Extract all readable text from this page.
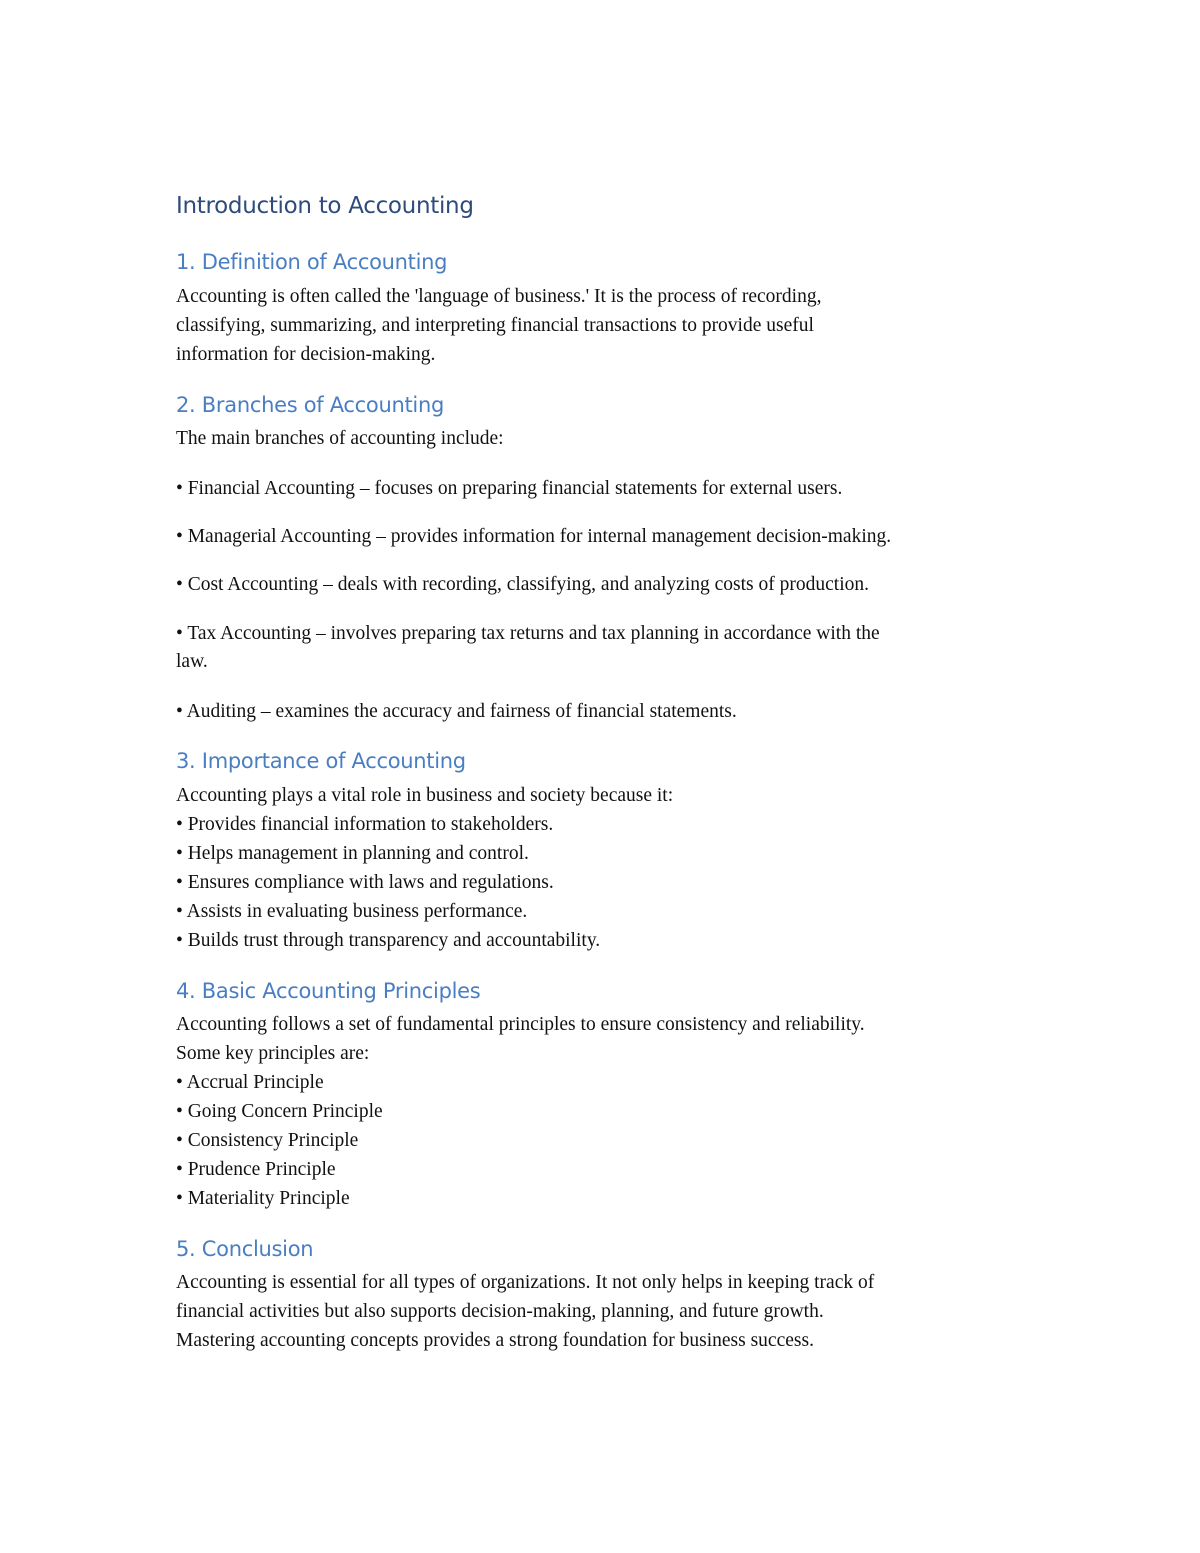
Introduction to Accounting
1. Definition of Accounting

Accounting is often called the 'language of business.' It is the process of recording,

classifying, summarizing, and interpreting financial transactions to provide useful

information for decision-making.

2. Branches of Accounting

The main branches of accounting include:

• Financial Accounting – focuses on preparing financial statements for external users.

• Managerial Accounting – provides information for internal management decision-making.

• Cost Accounting – deals with recording, classifying, and analyzing costs of production.

• Tax Accounting – involves preparing tax returns and tax planning in accordance with the

law.

• Auditing – examines the accuracy and fairness of financial statements.

3. Importance of Accounting

Accounting plays a vital role in business and society because it:

• Provides financial information to stakeholders.

• Helps management in planning and control.

• Ensures compliance with laws and regulations.

• Assists in evaluating business performance.

• Builds trust through transparency and accountability.

4. Basic Accounting Principles

Accounting follows a set of fundamental principles to ensure consistency and reliability.

Some key principles are:

• Accrual Principle

• Going Concern Principle

• Consistency Principle

• Prudence Principle

• Materiality Principle

5. Conclusion

Accounting is essential for all types of organizations. It not only helps in keeping track of

financial activities but also supports decision-making, planning, and future growth.

Mastering accounting concepts provides a strong foundation for business success.
